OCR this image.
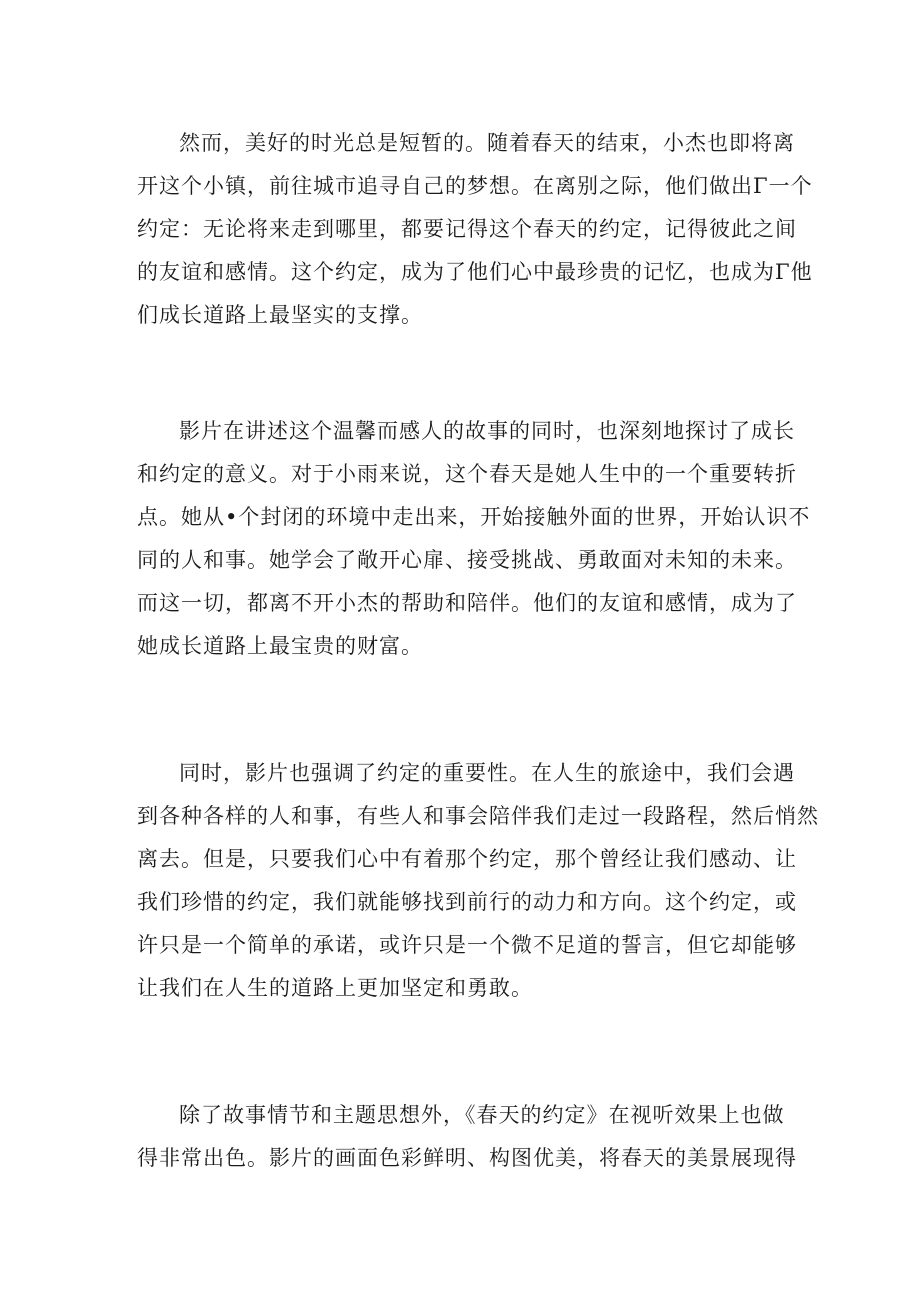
然而，美好的时光总是短暂的。随着春天的结束，小杰也即将离
开这个小镇，前往城市追寻自己的梦想。在离别之际，他们做出Γ一个
约定：无论将来走到哪里，都要记得这个春天的约定，记得彼此之间
的友谊和感情。这个约定，成为了他们心中最珍贵的记忆，也成为Γ他
们成长道路上最坚实的支撑。

影片在讲述这个温馨而感人的故事的同时，也深刻地探讨了成长
和约定的意义。对于小雨来说，这个春天是她人生中的一个重要转折
点。她从•个封闭的环境中走出来，开始接触外面的世界，开始认识不
同的人和事。她学会了敞开心扉、接受挑战、勇敢面对未知的未来。
而这一切，都离不开小杰的帮助和陪伴。他们的友谊和感情，成为了
她成长道路上最宝贵的财富。

同时，影片也强调了约定的重要性。在人生的旅途中，我们会遇
到各种各样的人和事，有些人和事会陪伴我们走过一段路程，然后悄然
离去。但是，只要我们心中有着那个约定，那个曾经让我们感动、让
我们珍惜的约定，我们就能够找到前行的动力和方向。这个约定，或
许只是一个简单的承诺，或许只是一个微不足道的誓言，但它却能够
让我们在人生的道路上更加坚定和勇敢。

除了故事情节和主题思想外，《春天的约定》在视听效果上也做
得非常出色。影片的画面色彩鲜明、构图优美，将春天的美景展现得
